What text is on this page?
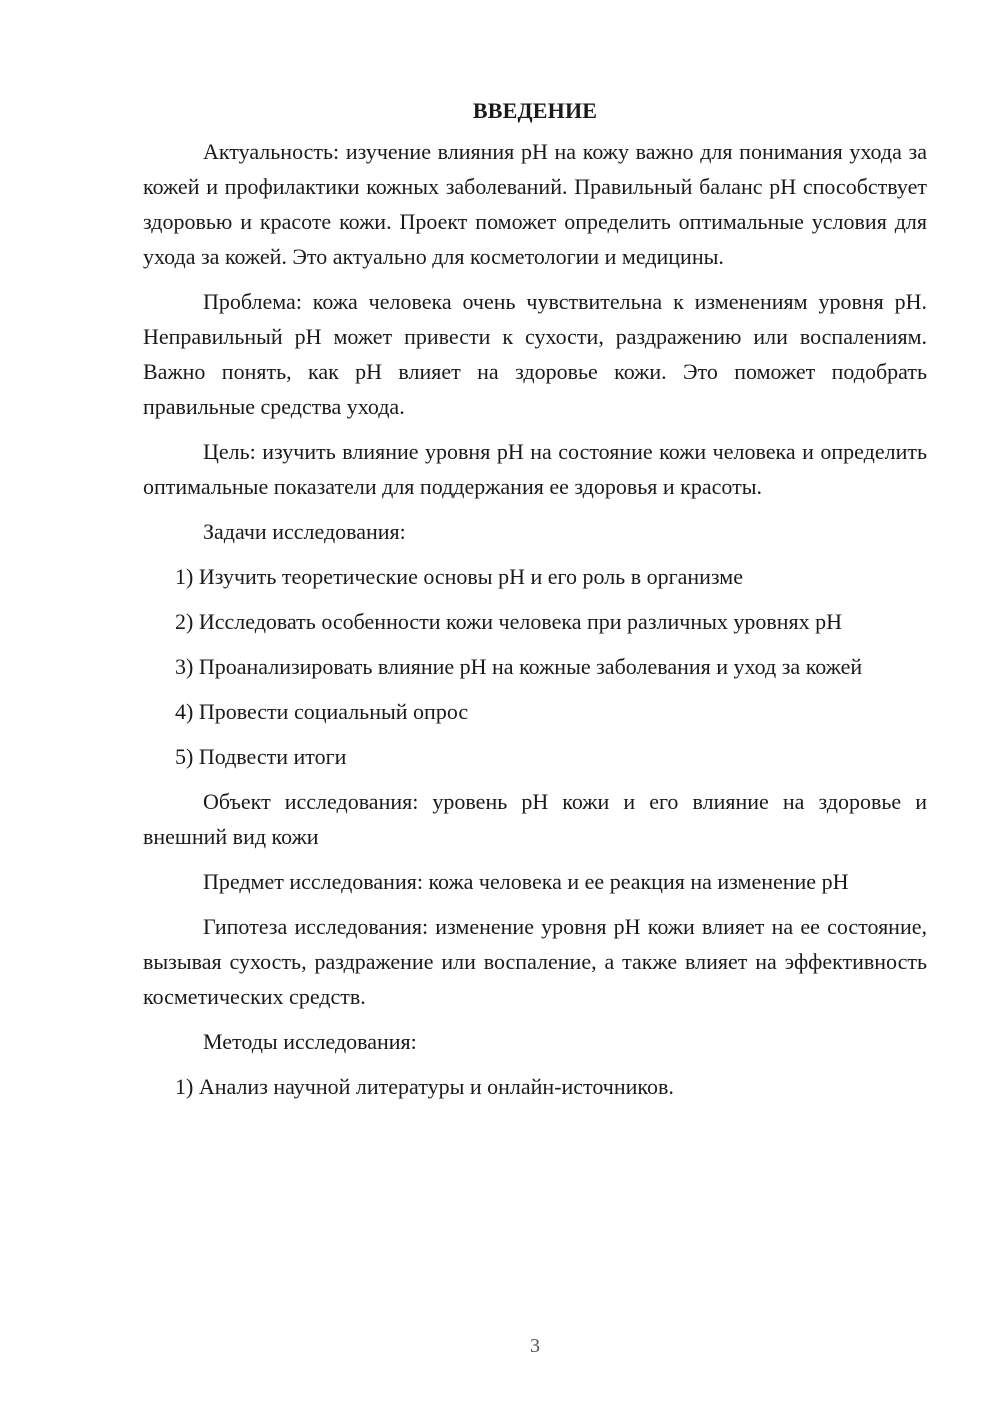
ВВЕДЕНИЕ

Актуальность: изучение влияния pH на кожу важно для понимания ухода за кожей и профилактики кожных заболеваний. Правильный баланс pH способствует здоровью и красоте кожи. Проект поможет определить оптимальные условия для ухода за кожей. Это актуально для косметологии и медицины.

Проблема: кожа человека очень чувствительна к изменениям уровня pH. Неправильный pH может привести к сухости, раздражению или воспалениям. Важно понять, как pH влияет на здоровье кожи. Это поможет подобрать правильные средства ухода.

Цель: изучить влияние уровня pH на состояние кожи человека и определить оптимальные показатели для поддержания ее здоровья и красоты.

Задачи исследования:

1) Изучить теоретические основы pH и его роль в организме

2) Исследовать особенности кожи человека при различных уровнях pH

3) Проанализировать влияние pH на кожные заболевания и уход за кожей

4) Провести социальный опрос

5) Подвести итоги

Объект исследования: уровень pH кожи и его влияние на здоровье и внешний вид кожи

Предмет исследования: кожа человека и ее реакция на изменение pH

Гипотеза исследования: изменение уровня pH кожи влияет на ее состояние, вызывая сухость, раздражение или воспаление, а также влияет на эффективность косметических средств.

Методы исследования:

1) Анализ научной литературы и онлайн-источников.

3
